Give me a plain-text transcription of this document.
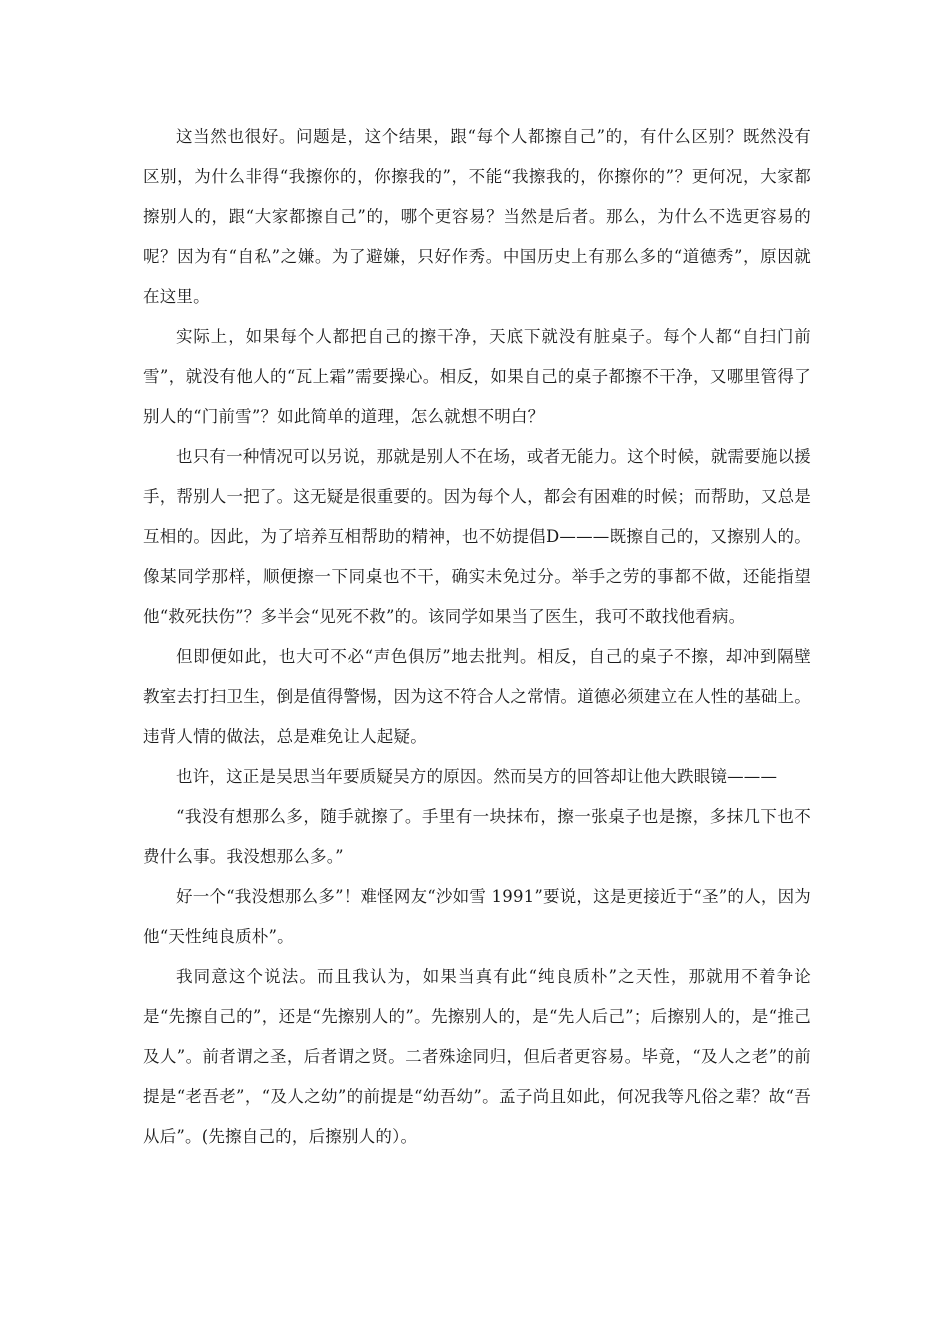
这当然也很好。问题是，这个结果，跟“每个人都擦自己”的，有什么区别？既然没有区别，为什么非得“我擦你的，你擦我的”，不能“我擦我的，你擦你的”？更何况，大家都擦别人的，跟“大家都擦自己”的，哪个更容易？当然是后者。那么，为什么不选更容易的呢？因为有“自私”之嫌。为了避嫌，只好作秀。中国历史上有那么多的“道德秀”，原因就在这里。

实际上，如果每个人都把自己的擦干净，天底下就没有脏桌子。每个人都“自扫门前雪”，就没有他人的“瓦上霜”需要操心。相反，如果自己的桌子都擦不干净，又哪里管得了别人的“门前雪”？如此简单的道理，怎么就想不明白？

也只有一种情况可以另说，那就是别人不在场，或者无能力。这个时候，就需要施以援手，帮别人一把了。这无疑是很重要的。因为每个人，都会有困难的时候；而帮助，又总是互相的。因此，为了培养互相帮助的精神，也不妨提倡D———既擦自己的，又擦别人的。像某同学那样，顺便擦一下同桌也不干，确实未免过分。举手之劳的事都不做，还能指望他“救死扶伤”？多半会“见死不救”的。该同学如果当了医生，我可不敢找他看病。

但即便如此，也大可不必“声色俱厉”地去批判。相反，自己的桌子不擦，却冲到隔壁教室去打扫卫生，倒是值得警惕，因为这不符合人之常情。道德必须建立在人性的基础上。违背人情的做法，总是难免让人起疑。

也许，这正是吴思当年要质疑吴方的原因。然而吴方的回答却让他大跌眼镜———

“我没有想那么多，随手就擦了。手里有一块抹布，擦一张桌子也是擦，多抹几下也不费什么事。我没想那么多。”

好一个“我没想那么多”！难怪网友“沙如雪 1991”要说，这是更接近于“圣”的人，因为他“天性纯良质朴”。

我同意这个说法。而且我认为，如果当真有此“纯良质朴”之天性，那就用不着争论是“先擦自己的”，还是“先擦别人的”。先擦别人的，是“先人后己”；后擦别人的，是“推己及人”。前者谓之圣，后者谓之贤。二者殊途同归，但后者更容易。毕竟，“及人之老”的前提是“老吾老”，“及人之幼”的前提是“幼吾幼”。孟子尚且如此，何况我等凡俗之辈？故“吾从后”。(先擦自己的，后擦别人的）。
